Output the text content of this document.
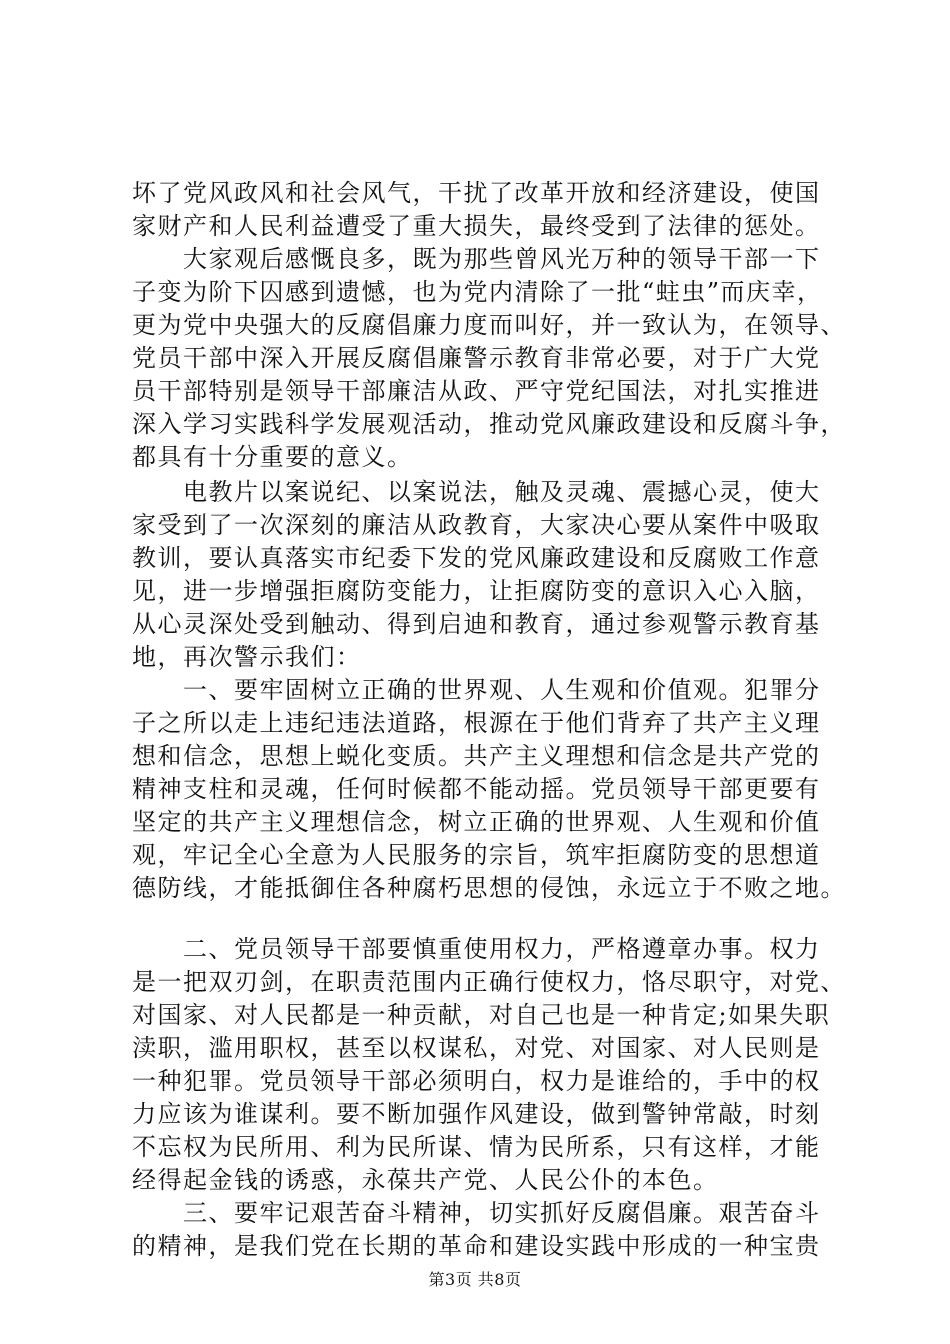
坏了党风政风和社会风气，干扰了改革开放和经济建设，使国
家财产和人民利益遭受了重大损失，最终受到了法律的惩处。
　　大家观后感慨良多，既为那些曾风光万种的领导干部一下
子变为阶下囚感到遗憾，也为党内清除了一批“蛀虫”而庆幸，
更为党中央强大的反腐倡廉力度而叫好，并一致认为，在领导、
党员干部中深入开展反腐倡廉警示教育非常必要，对于广大党
员干部特别是领导干部廉洁从政、严守党纪国法，对扎实推进
深入学习实践科学发展观活动，推动党风廉政建设和反腐斗争，
都具有十分重要的意义。
　　电教片以案说纪、以案说法，触及灵魂、震撼心灵，使大
家受到了一次深刻的廉洁从政教育，大家决心要从案件中吸取
教训，要认真落实市纪委下发的党风廉政建设和反腐败工作意
见，进一步增强拒腐防变能力，让拒腐防变的意识入心入脑，
从心灵深处受到触动、得到启迪和教育，通过参观警示教育基
地，再次警示我们：
　　一、要牢固树立正确的世界观、人生观和价值观。犯罪分
子之所以走上违纪违法道路，根源在于他们背弃了共产主义理
想和信念，思想上蜕化变质。共产主义理想和信念是共产党的
精神支柱和灵魂，任何时候都不能动摇。党员领导干部更要有
坚定的共产主义理想信念，树立正确的世界观、人生观和价值
观，牢记全心全意为人民服务的宗旨，筑牢拒腐防变的思想道
德防线，才能抵御住各种腐朽思想的侵蚀，永远立于不败之地。
　　二、党员领导干部要慎重使用权力，严格遵章办事。权力
是一把双刃剑，在职责范围内正确行使权力，恪尽职守，对党、
对国家、对人民都是一种贡献，对自己也是一种肯定;如果失职
渎职，滥用职权，甚至以权谋私，对党、对国家、对人民则是
一种犯罪。党员领导干部必须明白，权力是谁给的，手中的权
力应该为谁谋利。要不断加强作风建设，做到警钟常敲，时刻
不忘权为民所用、利为民所谋、情为民所系，只有这样，才能
经得起金钱的诱惑，永葆共产党、人民公仆的本色。
　　三、要牢记艰苦奋斗精神，切实抓好反腐倡廉。艰苦奋斗
的精神，是我们党在长期的革命和建设实践中形成的一种宝贵
第3页 共8页
